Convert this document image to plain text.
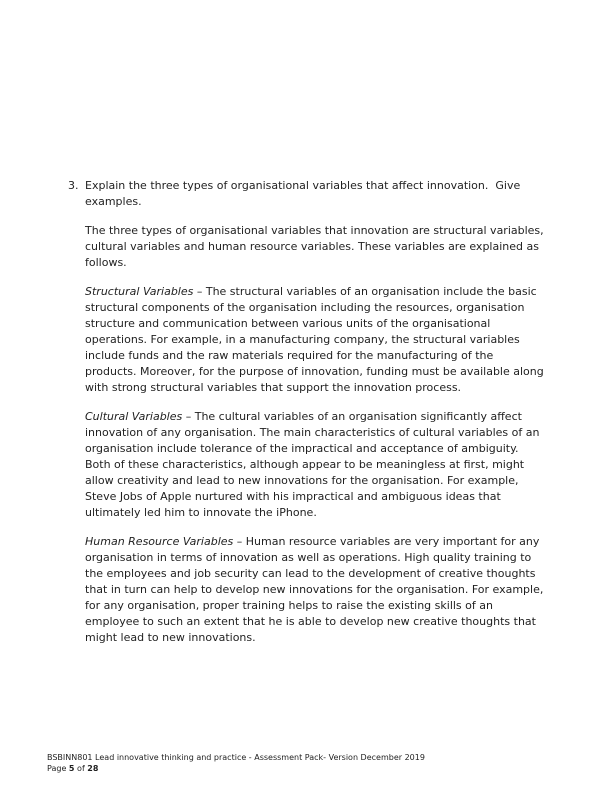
3. Explain the three types of organisational variables that affect innovation.  Give examples.

The three types of organisational variables that innovation are structural variables, cultural variables and human resource variables. These variables are explained as follows.

Structural Variables – The structural variables of an organisation include the basic structural components of the organisation including the resources, organisation structure and communication between various units of the organisational operations. For example, in a manufacturing company, the structural variables include funds and the raw materials required for the manufacturing of the products. Moreover, for the purpose of innovation, funding must be available along with strong structural variables that support the innovation process.

Cultural Variables – The cultural variables of an organisation significantly affect innovation of any organisation. The main characteristics of cultural variables of an organisation include tolerance of the impractical and acceptance of ambiguity. Both of these characteristics, although appear to be meaningless at first, might allow creativity and lead to new innovations for the organisation. For example, Steve Jobs of Apple nurtured with his impractical and ambiguous ideas that ultimately led him to innovate the iPhone.

Human Resource Variables – Human resource variables are very important for any organisation in terms of innovation as well as operations. High quality training to the employees and job security can lead to the development of creative thoughts that in turn can help to develop new innovations for the organisation. For example, for any organisation, proper training helps to raise the existing skills of an employee to such an extent that he is able to develop new creative thoughts that might lead to new innovations.

BSBINN801 Lead innovative thinking and practice - Assessment Pack- Version December 2019
Page 5 of 28
